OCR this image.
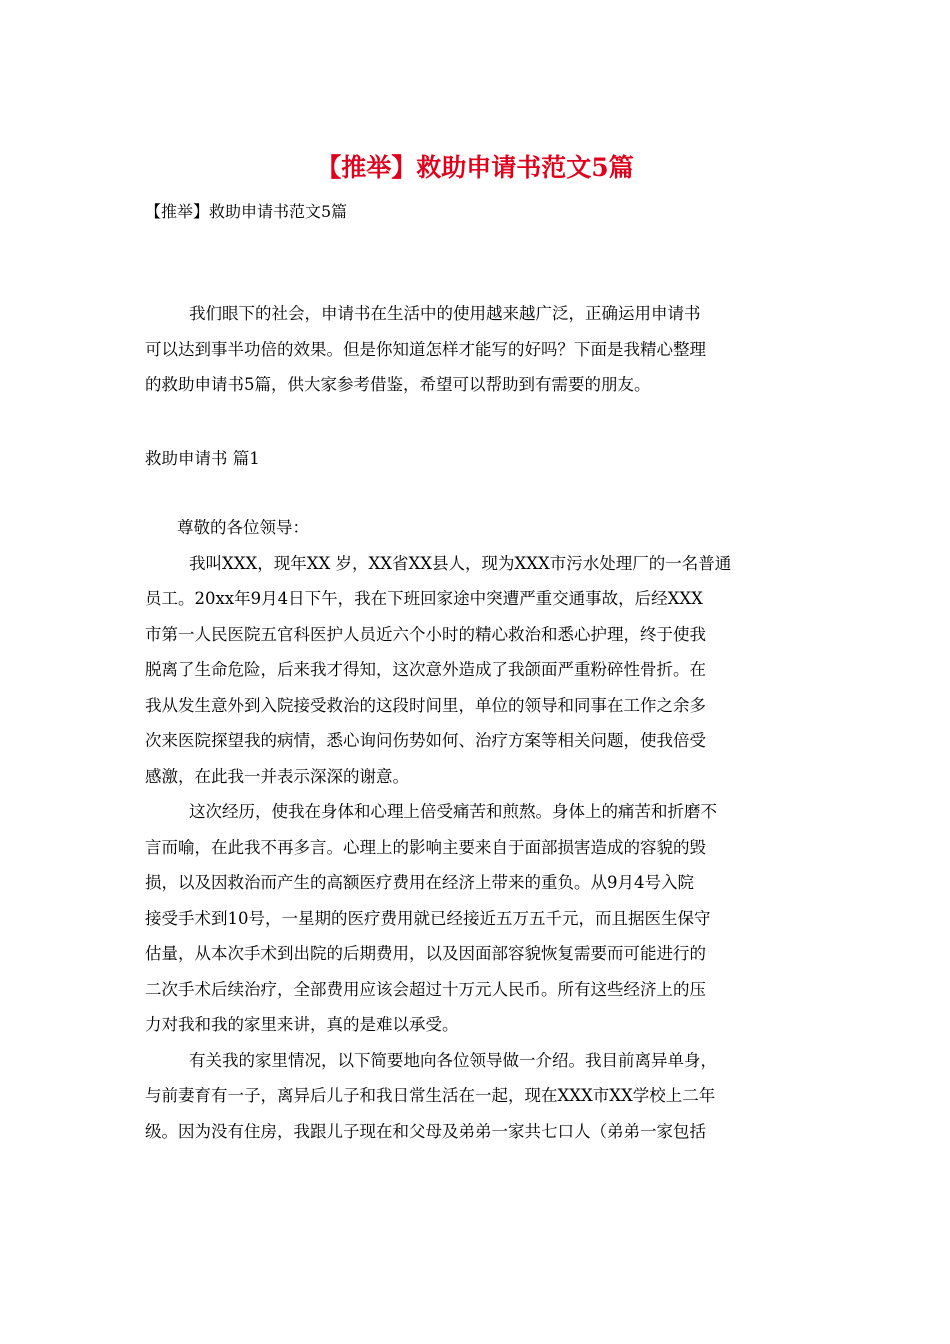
【推举】救助申请书范文5篇
【推举】救助申请书范文5篇
我们眼下的社会，申请书在生活中的使用越来越广泛，正确运用申请书
可以达到事半功倍的效果。但是你知道怎样才能写的好吗？下面是我精心整理
的救助申请书5篇，供大家参考借鉴，希望可以帮助到有需要的朋友。
救助申请书 篇1
尊敬的各位领导：
我叫XXX，现年XX 岁，XX省XX县人，现为XXX市污水处理厂的一名普通
员工。20xx年9月4日下午，我在下班回家途中突遭严重交通事故，后经XXX
市第一人民医院五官科医护人员近六个小时的精心救治和悉心护理，终于使我
脱离了生命危险，后来我才得知，这次意外造成了我颌面严重粉碎性骨折。在
我从发生意外到入院接受救治的这段时间里，单位的领导和同事在工作之余多
次来医院探望我的病情，悉心询问伤势如何、治疗方案等相关问题，使我倍受
感激，在此我一并表示深深的谢意。
这次经历，使我在身体和心理上倍受痛苦和煎熬。身体上的痛苦和折磨不
言而喻，在此我不再多言。心理上的影响主要来自于面部损害造成的容貌的毁
损，以及因救治而产生的高额医疗费用在经济上带来的重负。从9月4号入院
接受手术到10号，一星期的医疗费用就已经接近五万五千元，而且据医生保守
估量，从本次手术到出院的后期费用，以及因面部容貌恢复需要而可能进行的
二次手术后续治疗，全部费用应该会超过十万元人民币。所有这些经济上的压
力对我和我的家里来讲，真的是难以承受。
有关我的家里情况，以下简要地向各位领导做一介绍。我目前离异单身，
与前妻育有一子，离异后儿子和我日常生活在一起，现在XXX市XX学校上二年
级。因为没有住房，我跟儿子现在和父母及弟弟一家共七口人（弟弟一家包括
